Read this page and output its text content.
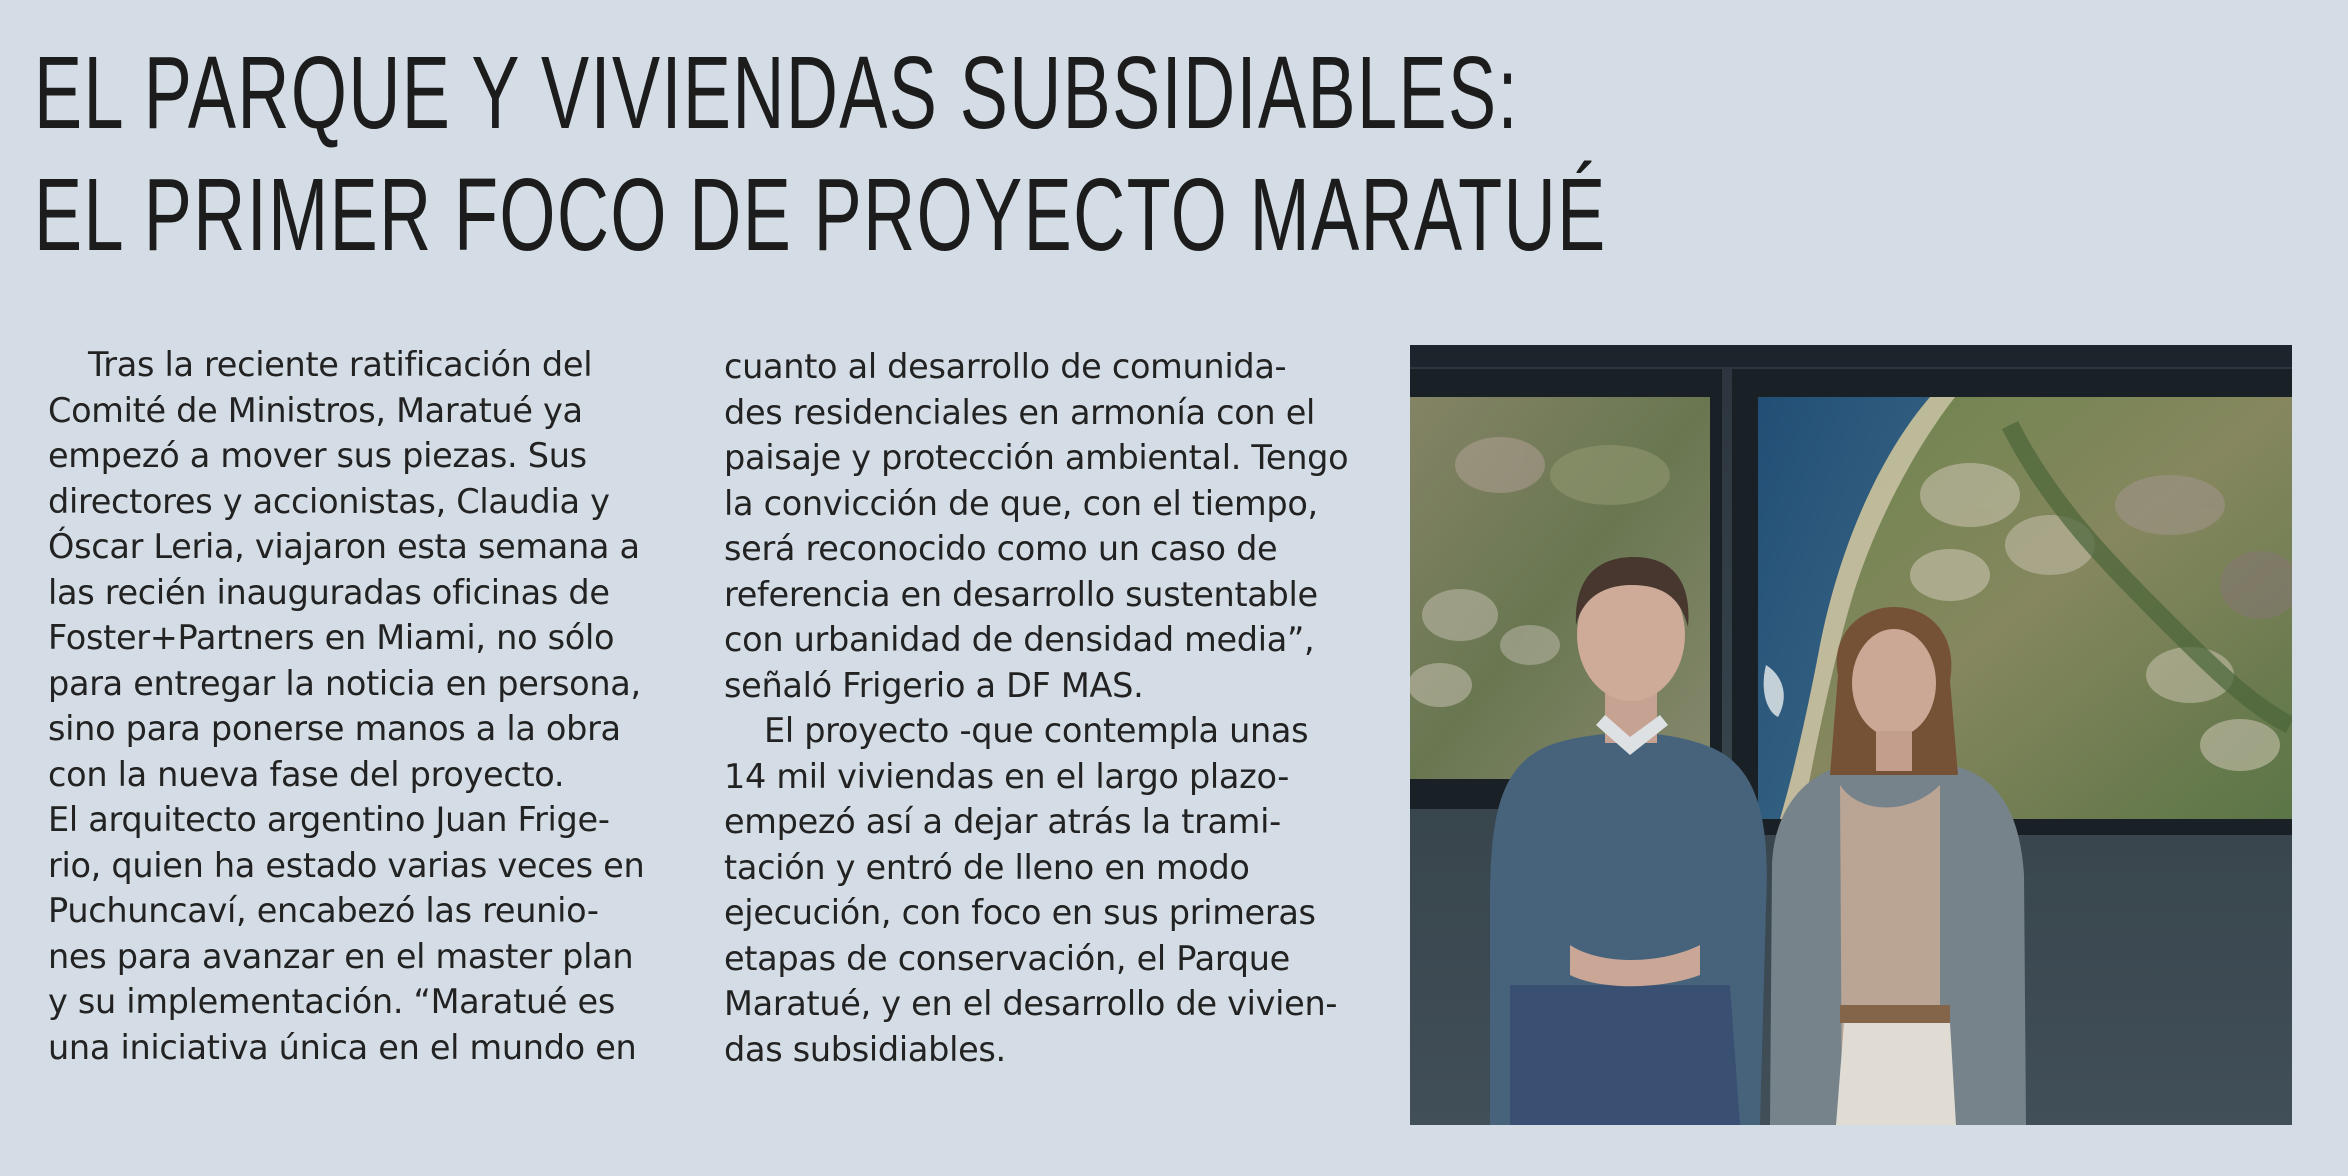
EL PARQUE Y VIVIENDAS SUBSIDIABLES:
EL PRIMER FOCO DE PROYECTO MARATUÉ
Tras la reciente ratificación del
Comité de Ministros, Maratué ya
empezó a mover sus piezas. Sus
directores y accionistas, Claudia y
Óscar Leria, viajaron esta semana a
las recién inauguradas oficinas de
Foster+Partners en Miami, no sólo
para entregar la noticia en persona,
sino para ponerse manos a la obra
con la nueva fase del proyecto.
El arquitecto argentino Juan Frige-
rio, quien ha estado varias veces en
Puchuncaví, encabezó las reunio-
nes para avanzar en el master plan
y su implementación. “Maratué es
una iniciativa única en el mundo en
cuanto al desarrollo de comunida-
des residenciales en armonía con el
paisaje y protección ambiental. Tengo
la convicción de que, con el tiempo,
será reconocido como un caso de
referencia en desarrollo sustentable
con urbanidad de densidad media”,
señaló Frigerio a DF MAS.
El proyecto -que contempla unas
14 mil viviendas en el largo plazo-
empezó así a dejar atrás la trami-
tación y entró de lleno en modo
ejecución, con foco en sus primeras
etapas de conservación, el Parque
Maratué, y en el desarrollo de vivien-
das subsidiables.
